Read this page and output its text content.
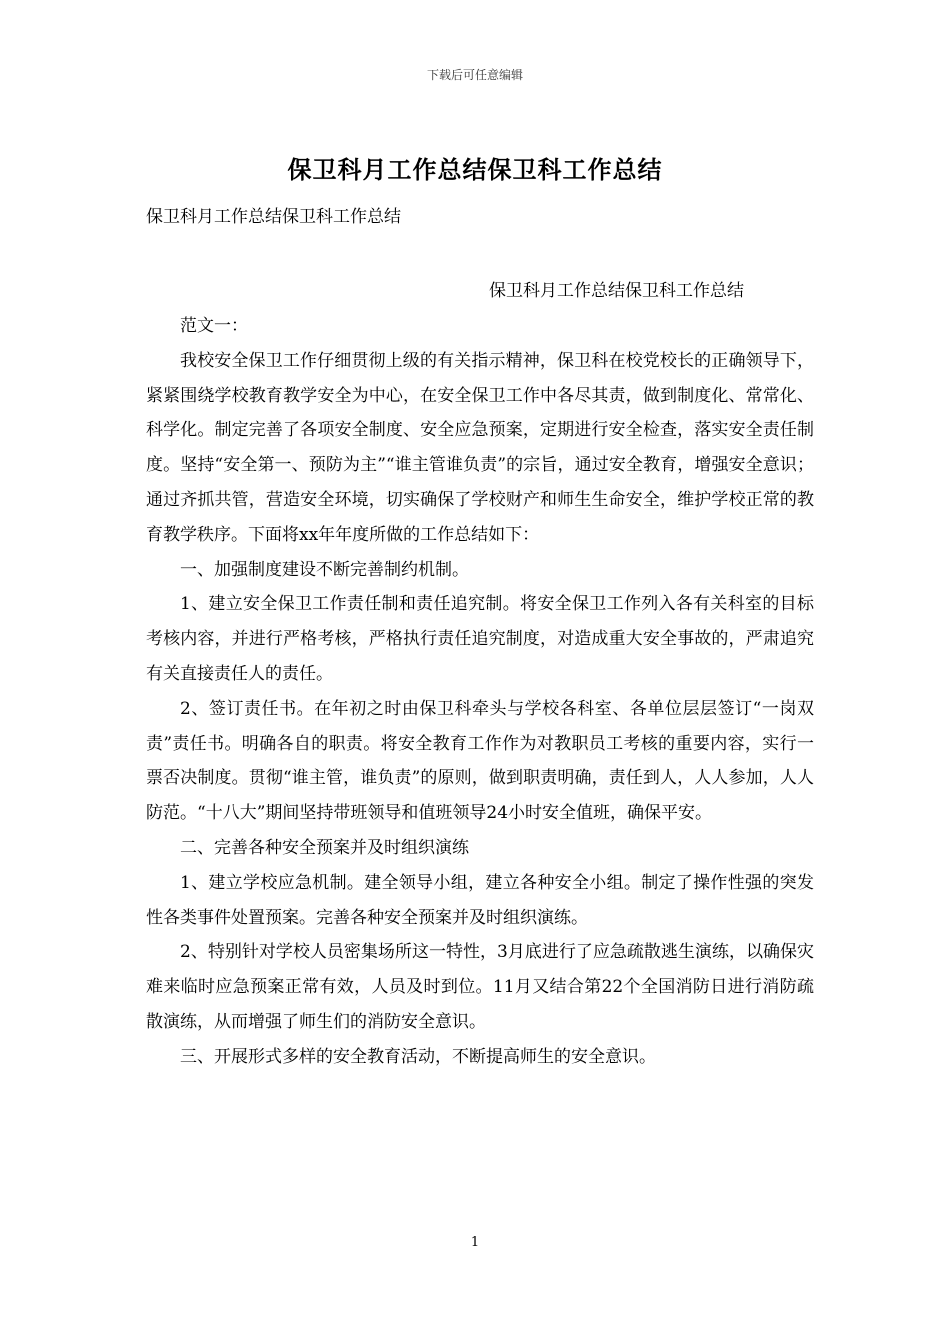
下载后可任意编辑
保卫科月工作总结保卫科工作总结
保卫科月工作总结保卫科工作总结
保卫科月工作总结保卫科工作总结

范文一：

我校安全保卫工作仔细贯彻上级的有关指示精神，保卫科在校党校长的正确领导下，紧紧围绕学校教育教学安全为中心，在安全保卫工作中各尽其责，做到制度化、常常化、科学化。制定完善了各项安全制度、安全应急预案，定期进行安全检查，落实安全责任制度。坚持“安全第一、预防为主”“谁主管谁负责”的宗旨，通过安全教育，增强安全意识；通过齐抓共管，营造安全环境，切实确保了学校财产和师生生命安全，维护学校正常的教育教学秩序。下面将xx年年度所做的工作总结如下：

一、加强制度建设不断完善制约机制。

1、建立安全保卫工作责任制和责任追究制。将安全保卫工作列入各有关科室的目标考核内容，并进行严格考核，严格执行责任追究制度，对造成重大安全事故的，严肃追究有关直接责任人的责任。

2、签订责任书。在年初之时由保卫科牵头与学校各科室、各单位层层签订“一岗双责”责任书。明确各自的职责。将安全教育工作作为对教职员工考核的重要内容，实行一票否决制度。贯彻“谁主管，谁负责”的原则，做到职责明确，责任到人，人人参加，人人防范。“十八大”期间坚持带班领导和值班领导24小时安全值班，确保平安。

二、完善各种安全预案并及时组织演练

1、建立学校应急机制。建全领导小组，建立各种安全小组。制定了操作性强的突发性各类事件处置预案。完善各种安全预案并及时组织演练。

2、特别针对学校人员密集场所这一特性，3月底进行了应急疏散逃生演练，以确保灾难来临时应急预案正常有效，人员及时到位。11月又结合第22个全国消防日进行消防疏散演练，从而增强了师生们的消防安全意识。

三、开展形式多样的安全教育活动，不断提高师生的安全意识。

1
